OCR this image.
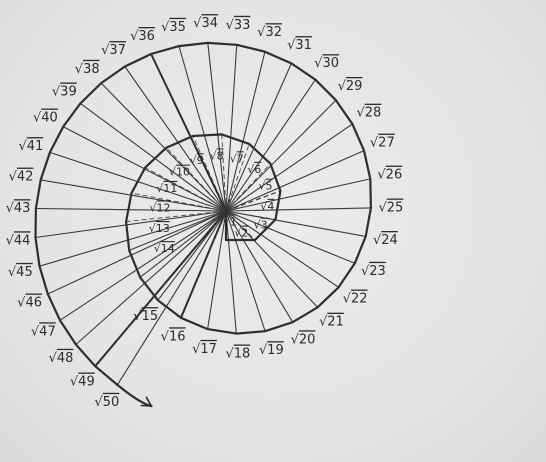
√1
√2
√3
√4
√5
√6
√7
√8
√9
√10
√11
√12
√13
√14
√15
√16
√17 √18 √19
√20
√21
√22
√23
√24
√25
√26
√27
√28
√29
√30
√31
√32
√33
√34
√35
√36
√37
√38
√39
√40
√41
√42
√43
√44
√45
√46
√47
√48
√49
√50
